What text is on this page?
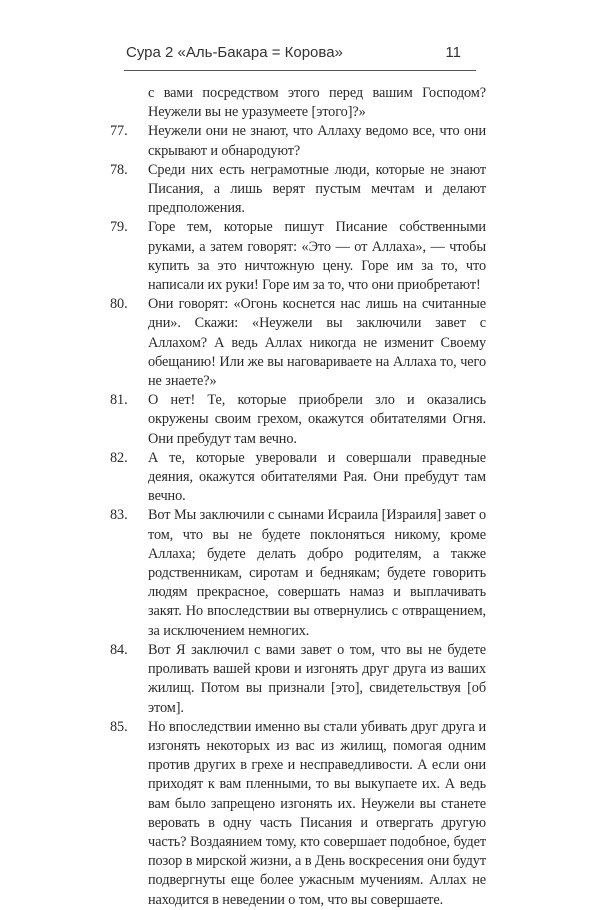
Сура 2 «Аль-Бакара = Корова»	11
с вами посредством этого перед вашим Господом? Неужели вы не уразумеете [этого]?»
77.	Неужели они не знают, что Аллаху ведомо все, что они скрывают и обнародуют?
78.	Среди них есть неграмотные люди, которые не знают Писания, а лишь верят пустым мечтам и делают предположения.
79.	Горе тем, которые пишут Писание собственными руками, а затем говорят: «Это — от Аллаха», — чтобы купить за это ничтожную цену. Горе им за то, что написали их руки! Горе им за то, что они приобретают!
80.	Они говорят: «Огонь коснется нас лишь на считанные дни». Скажи: «Неужели вы заключили завет с Аллахом? А ведь Аллах никогда не изменит Своему обещанию! Или же вы наговариваете на Аллаха то, чего не знаете?»
81.	О нет! Те, которые приобрели зло и оказались окружены своим грехом, окажутся обитателями Огня. Они пребудут там вечно.
82.	А те, которые уверовали и совершали праведные деяния, окажутся обитателями Рая. Они пребудут там вечно.
83.	Вот Мы заключили с сынами Исраила [Израиля] завет о том, что вы не будете поклоняться никому, кроме Аллаха; будете делать добро родителям, а также родственникам, сиротам и беднякам; будете говорить людям прекрасное, совершать намаз и выплачивать закят. Но впоследствии вы отвернулись с отвращением, за исключением немногих.
84.	Вот Я заключил с вами завет о том, что вы не будете проливать вашей крови и изгонять друг друга из ваших жилищ. Потом вы признали [это], свидетельствуя [об этом].
85.	Но впоследствии именно вы стали убивать друг друга и изгонять некоторых из вас из жилищ, помогая одним против других в грехе и несправедливости. А если они приходят к вам пленными, то вы выкупаете их. А ведь вам было запрещено изгонять их. Неужели вы станете веровать в одну часть Писания и отвергать другую часть? Воздаянием тому, кто совершает подобное, будет позор в мирской жизни, а в День воскресения они будут подвергнуты еще более ужасным мучениям. Аллах не находится в неведении о том, что вы совершаете.
